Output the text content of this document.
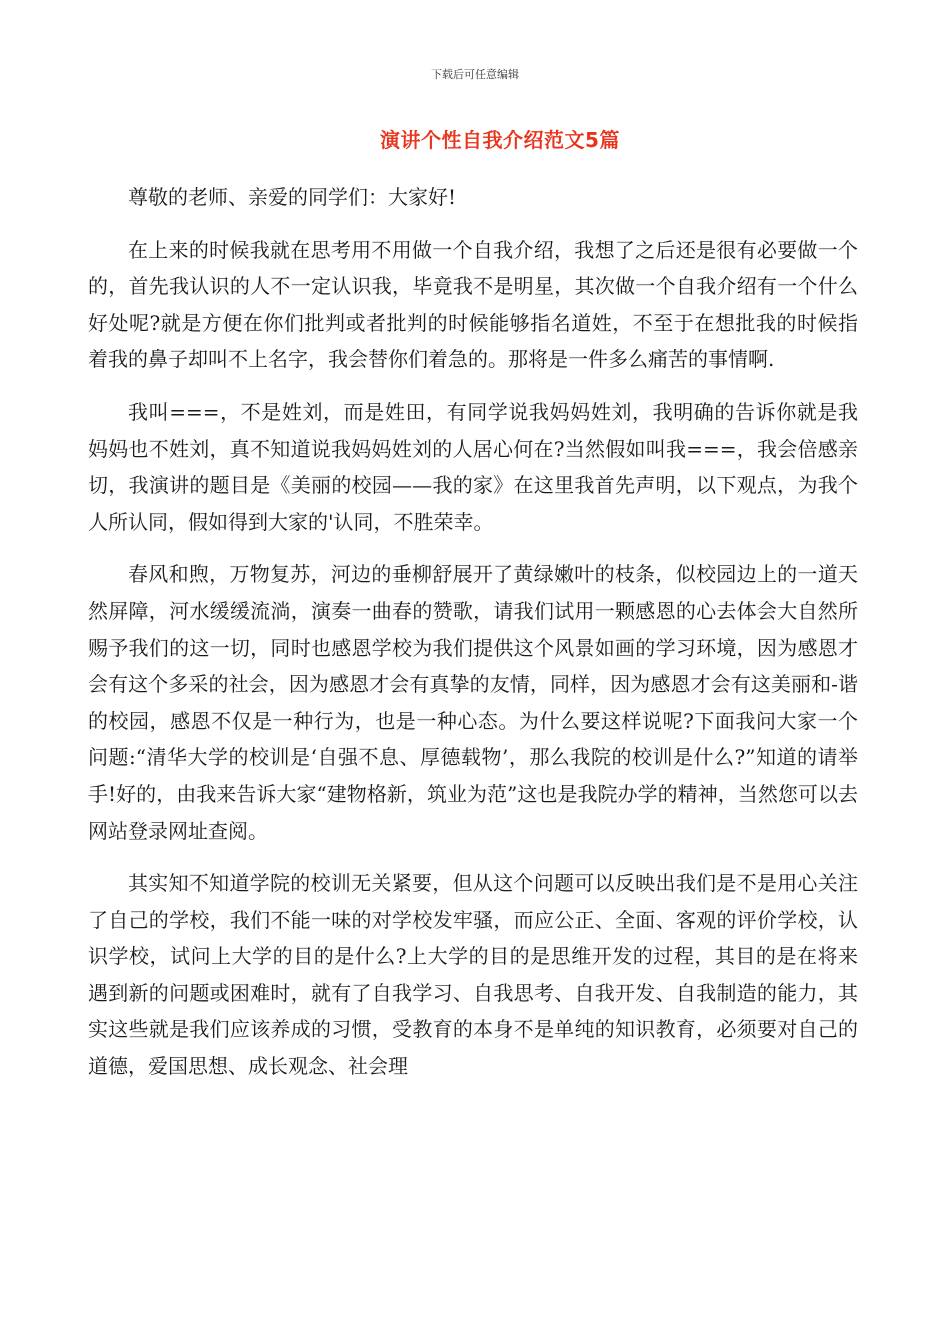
下载后可任意编辑
演讲个性自我介绍范文5篇

尊敬的老师、亲爱的同学们：大家好!

在上来的时候我就在思考用不用做一个自我介绍，我想了之后还是很有必要做一个的，首先我认识的人不一定认识我，毕竟我不是明星，其次做一个自我介绍有一个什么好处呢?就是方便在你们批判或者批判的时候能够指名道姓，不至于在想批我的时候指着我的鼻子却叫不上名字，我会替你们着急的。那将是一件多么痛苦的事情啊.

我叫===，不是姓刘，而是姓田，有同学说我妈妈姓刘，我明确的告诉你就是我妈妈也不姓刘，真不知道说我妈妈姓刘的人居心何在?当然假如叫我===，我会倍感亲切，我演讲的题目是《美丽的校园——我的家》在这里我首先声明，以下观点，为我个人所认同，假如得到大家的'认同，不胜荣幸。

春风和煦，万物复苏，河边的垂柳舒展开了黄绿嫩叶的枝条，似校园边上的一道天然屏障，河水缓缓流淌，演奏一曲春的赞歌，请我们试用一颗感恩的心去体会大自然所赐予我们的这一切，同时也感恩学校为我们提供这个风景如画的学习环境，因为感恩才会有这个多采的社会，因为感恩才会有真挚的友情，同样，因为感恩才会有这美丽和-谐的校园，感恩不仅是一种行为，也是一种心态。为什么要这样说呢?下面我问大家一个问题:“清华大学的校训是‘自强不息、厚德载物’，那么我院的校训是什么?”知道的请举手!好的，由我来告诉大家“建物格新，筑业为范”这也是我院办学的精神，当然您可以去网站登录网址查阅。

其实知不知道学院的校训无关紧要，但从这个问题可以反映出我们是不是用心关注了自己的学校，我们不能一味的对学校发牢骚，而应公正、全面、客观的评价学校，认识学校，试问上大学的目的是什么?上大学的目的是思维开发的过程，其目的是在将来遇到新的问题或困难时，就有了自我学习、自我思考、自我开发、自我制造的能力，其实这些就是我们应该养成的习惯，受教育的本身不是单纯的知识教育，必须要对自己的道德，爱国思想、成长观念、社会理
